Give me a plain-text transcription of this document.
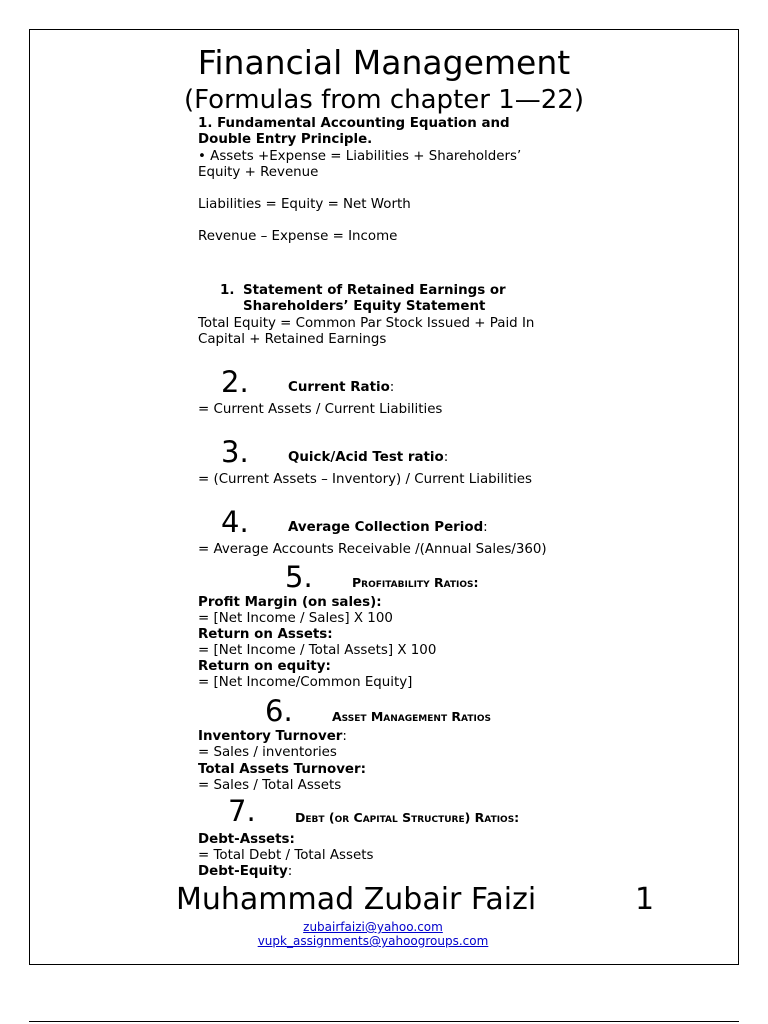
Financial Management
(Formulas from chapter 1—22)
1. Fundamental Accounting Equation and
Double Entry Principle.
• Assets +Expense = Liabilities + Shareholders’
Equity + Revenue
Liabilities = Equity = Net Worth
Revenue – Expense = Income
1. Statement of Retained Earnings or
Shareholders’ Equity Statement
Total Equity = Common Par Stock Issued + Paid In
Capital + Retained Earnings
2.	Current Ratio:
= Current Assets / Current Liabilities
3.	Quick/Acid Test ratio:
= (Current Assets – Inventory) / Current Liabilities
4.	Average Collection Period:
= Average Accounts Receivable /(Annual Sales/360)
5.	Profitability Ratios:
Profit Margin (on sales):
= [Net Income / Sales] X 100
Return on Assets:
= [Net Income / Total Assets] X 100
Return on equity:
= [Net Income/Common Equity]
6.	Asset Management Ratios
Inventory Turnover:
= Sales / inventories
Total Assets Turnover:
= Sales / Total Assets
7.	Debt (or Capital Structure) Ratios:
Debt-Assets:
= Total Debt / Total Assets
Debt-Equity:
Muhammad Zubair Faizi	1
zubairfaizi@yahoo.com
vupk_assignments@yahoogroups.com
